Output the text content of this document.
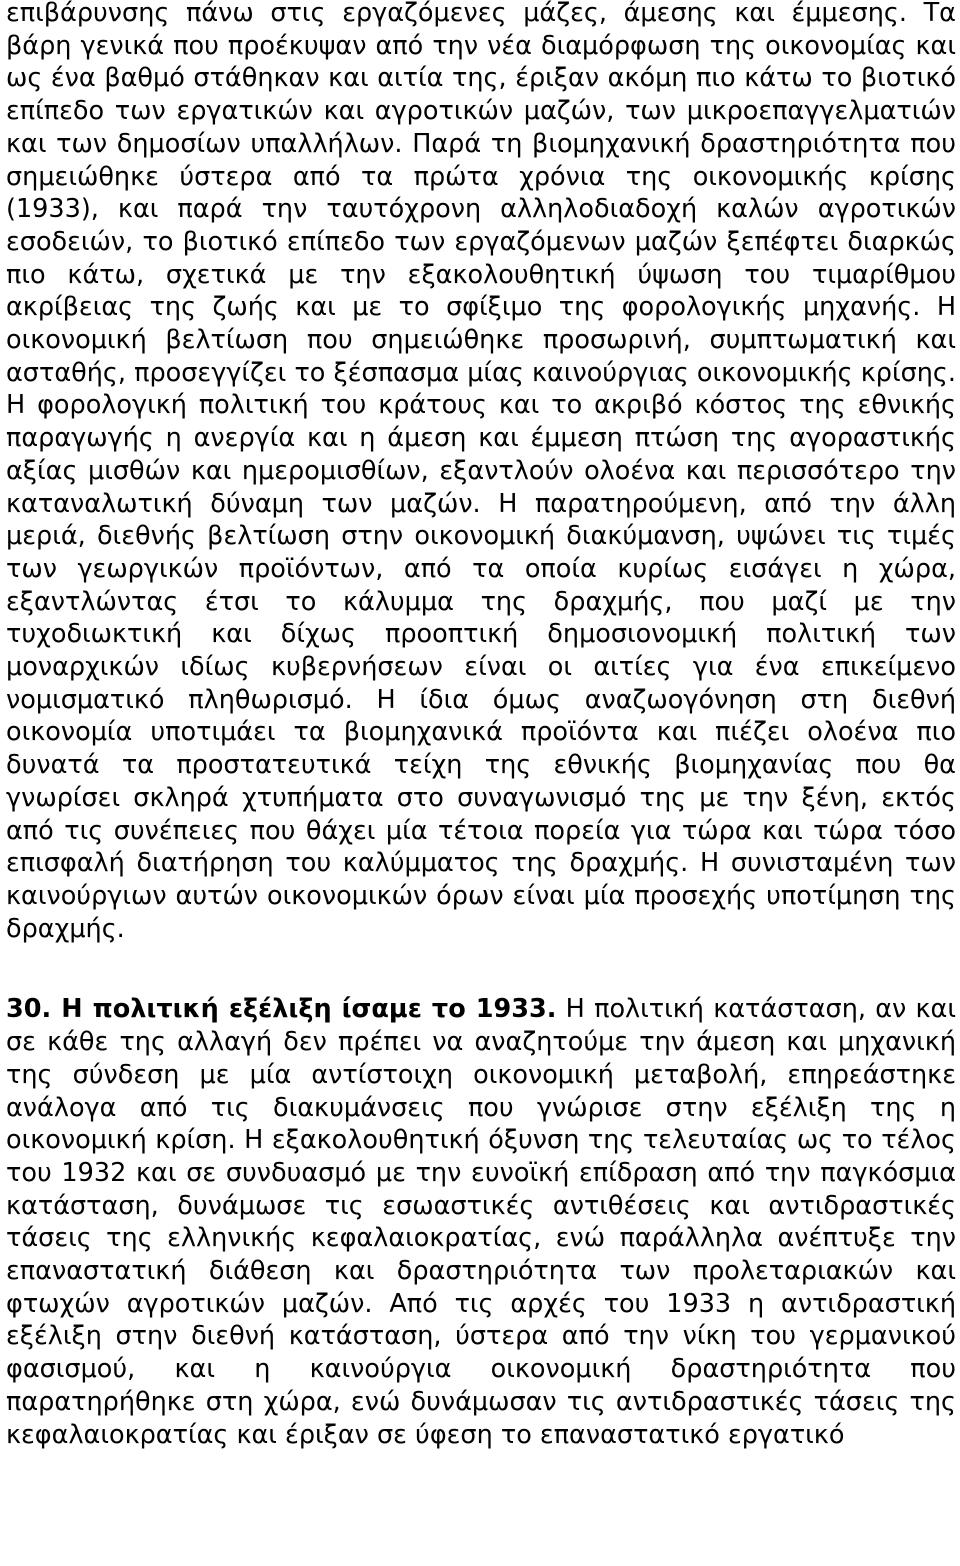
επιβάρυνσης πάνω στις εργαζόμενες μάζες, άμεσης και έμμεσης. Τα βάρη γενικά που προέκυψαν από την νέα διαμόρφωση της οικονομίας και ως ένα βαθμό στάθηκαν και αιτία της, έριξαν ακόμη πιο κάτω το βιοτικό επίπεδο των εργατικών και αγροτικών μαζών, των μικροεπαγγελματιών και των δημοσίων υπαλλήλων. Παρά τη βιομηχανική δραστηριότητα που σημειώθηκε ύστερα από τα πρώτα χρόνια της οικονομικής κρίσης (1933), και παρά την ταυτόχρονη αλληλοδιαδοχή καλών αγροτικών εσοδειών, το βιοτικό επίπεδο των εργαζόμενων μαζών ξεπέφτει διαρκώς πιο κάτω, σχετικά με την εξακολουθητική ύψωση του τιμαρίθμου ακρίβειας της ζωής και με το σφίξιμο της φορολογικής μηχανής. Η οικονομική βελτίωση που σημειώθηκε προσωρινή, συμπτωματική και ασταθής, προσεγγίζει το ξέσπασμα μίας καινούργιας οικονομικής κρίσης. Η φορολογική πολιτική του κράτους και το ακριβό κόστος της εθνικής παραγωγής η ανεργία και η άμεση και έμμεση πτώση της αγοραστικής αξίας μισθών και ημερομισθίων, εξαντλούν ολοένα και περισσότερο την καταναλωτική δύναμη των μαζών. Η παρατηρούμενη, από την άλλη μεριά, διεθνής βελτίωση στην οικονομική διακύμανση, υψώνει τις τιμές των γεωργικών προϊόντων, από τα οποία κυρίως εισάγει η χώρα, εξαντλώντας έτσι το κάλυμμα της δραχμής, που μαζί με την τυχοδιωκτική και δίχως προοπτική δημοσιονομική πολιτική των μοναρχικών ιδίως κυβερνήσεων είναι οι αιτίες για ένα επικείμενο νομισματικό πληθωρισμό. Η ίδια όμως αναζωογόνηση στη διεθνή οικονομία υποτιμάει τα βιομηχανικά προϊόντα και πιέζει ολοένα πιο δυνατά τα προστατευτικά τείχη της εθνικής βιομηχανίας που θα γνωρίσει σκληρά χτυπήματα στο συναγωνισμό της με την ξένη, εκτός από τις συνέπειες που θάχει μία τέτοια πορεία για τώρα και τώρα τόσο επισφαλή διατήρηση του καλύμματος της δραχμής. Η συνισταμένη των καινούργιων αυτών οικονομικών όρων είναι μία προσεχής υποτίμηση της δραχμής.

30. Η πολιτική εξέλιξη ίσαμε το 1933. Η πολιτική κατάσταση, αν και σε κάθε της αλλαγή δεν πρέπει να αναζητούμε την άμεση και μηχανική της σύνδεση με μία αντίστοιχη οικονομική μεταβολή, επηρεάστηκε ανάλογα από τις διακυμάνσεις που γνώρισε στην εξέλιξη της η οικονομική κρίση. Η εξακολουθητική όξυνση της τελευταίας ως το τέλος του 1932 και σε συνδυασμό με την ευνοϊκή επίδραση από την παγκόσμια κατάσταση, δυνάμωσε τις εσωαστικές αντιθέσεις και αντιδραστικές τάσεις της ελληνικής κεφαλαιοκρατίας, ενώ παράλληλα ανέπτυξε την επαναστατική διάθεση και δραστηριότητα των προλεταριακών και φτωχών αγροτικών μαζών. Από τις αρχές του 1933 η αντιδραστική εξέλιξη στην διεθνή κατάσταση, ύστερα από την νίκη του γερμανικού φασισμού, και η καινούργια οικονομική δραστηριότητα που παρατηρήθηκε στη χώρα, ενώ δυνάμωσαν τις αντιδραστικές τάσεις της κεφαλαιοκρατίας και έριξαν σε ύφεση το επαναστατικό εργατικό
